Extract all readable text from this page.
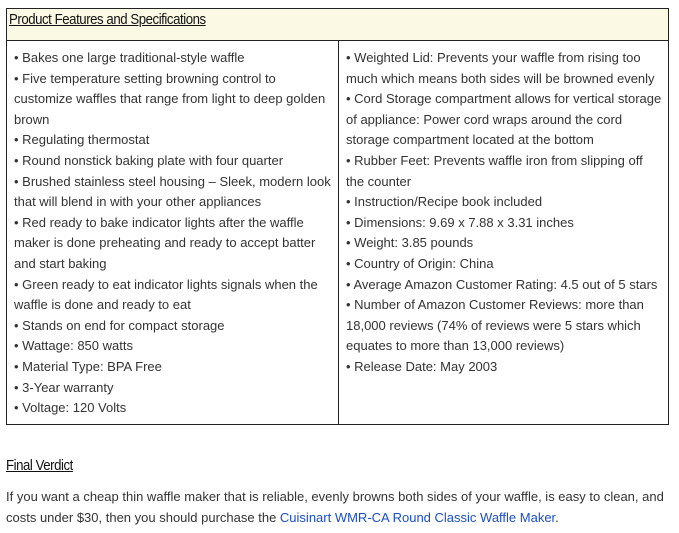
Product Features and Specifications
• Bakes one large traditional-style waffle
• Five temperature setting browning control to customize waffles that range from light to deep golden brown
• Regulating thermostat
• Round nonstick baking plate with four quarter
• Brushed stainless steel housing – Sleek, modern look that will blend in with your other appliances
• Red ready to bake indicator lights after the waffle maker is done preheating and ready to accept batter and start baking
• Green ready to eat indicator lights signals when the waffle is done and ready to eat
• Stands on end for compact storage
• Wattage: 850 watts
• Material Type: BPA Free
• 3-Year warranty
• Voltage: 120 Volts
• Weighted Lid: Prevents your waffle from rising too much which means both sides will be browned evenly
• Cord Storage compartment allows for vertical storage of appliance: Power cord wraps around the cord storage compartment located at the bottom
• Rubber Feet: Prevents waffle iron from slipping off the counter
• Instruction/Recipe book included
• Dimensions: 9.69 x 7.88 x 3.31 inches
• Weight: 3.85 pounds
• Country of Origin: China
• Average Amazon Customer Rating: 4.5 out of 5 stars
• Number of Amazon Customer Reviews: more than 18,000 reviews (74% of reviews were 5 stars which equates to more than 13,000 reviews)
• Release Date: May 2003
Final Verdict

If you want a cheap thin waffle maker that is reliable, evenly browns both sides of your waffle, is easy to clean, and costs under $30, then you should purchase the Cuisinart WMR-CA Round Classic Waffle Maker.
